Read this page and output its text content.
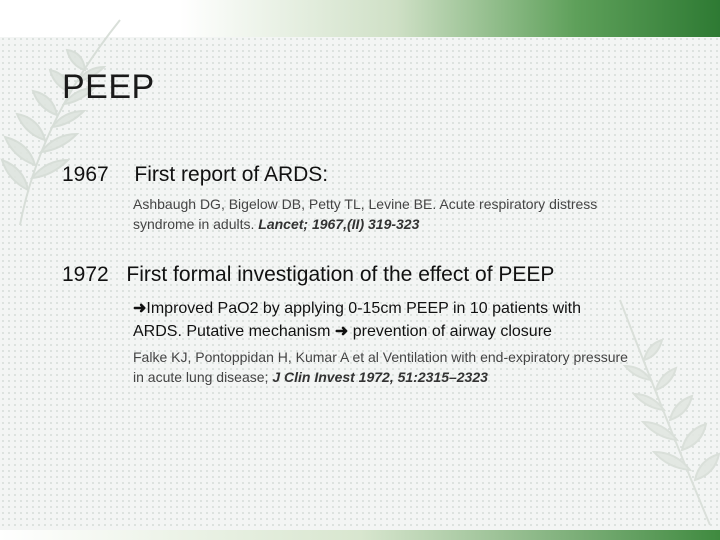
PEEP
1967 First report of ARDS:
Ashbaugh DG, Bigelow DB, Petty TL, Levine BE. Acute respiratory distress syndrome in adults. Lancet; 1967,(II) 319-323
1972 First formal investigation of the effect of PEEP
➜Improved PaO2 by applying 0-15cm PEEP in 10 patients with
ARDS. Putative mechanism ➜ prevention of airway closure
Falke KJ, Pontoppidan H, Kumar A et al Ventilation with end-expiratory pressure in acute lung disease; J Clin Invest 1972, 51:2315–2323
